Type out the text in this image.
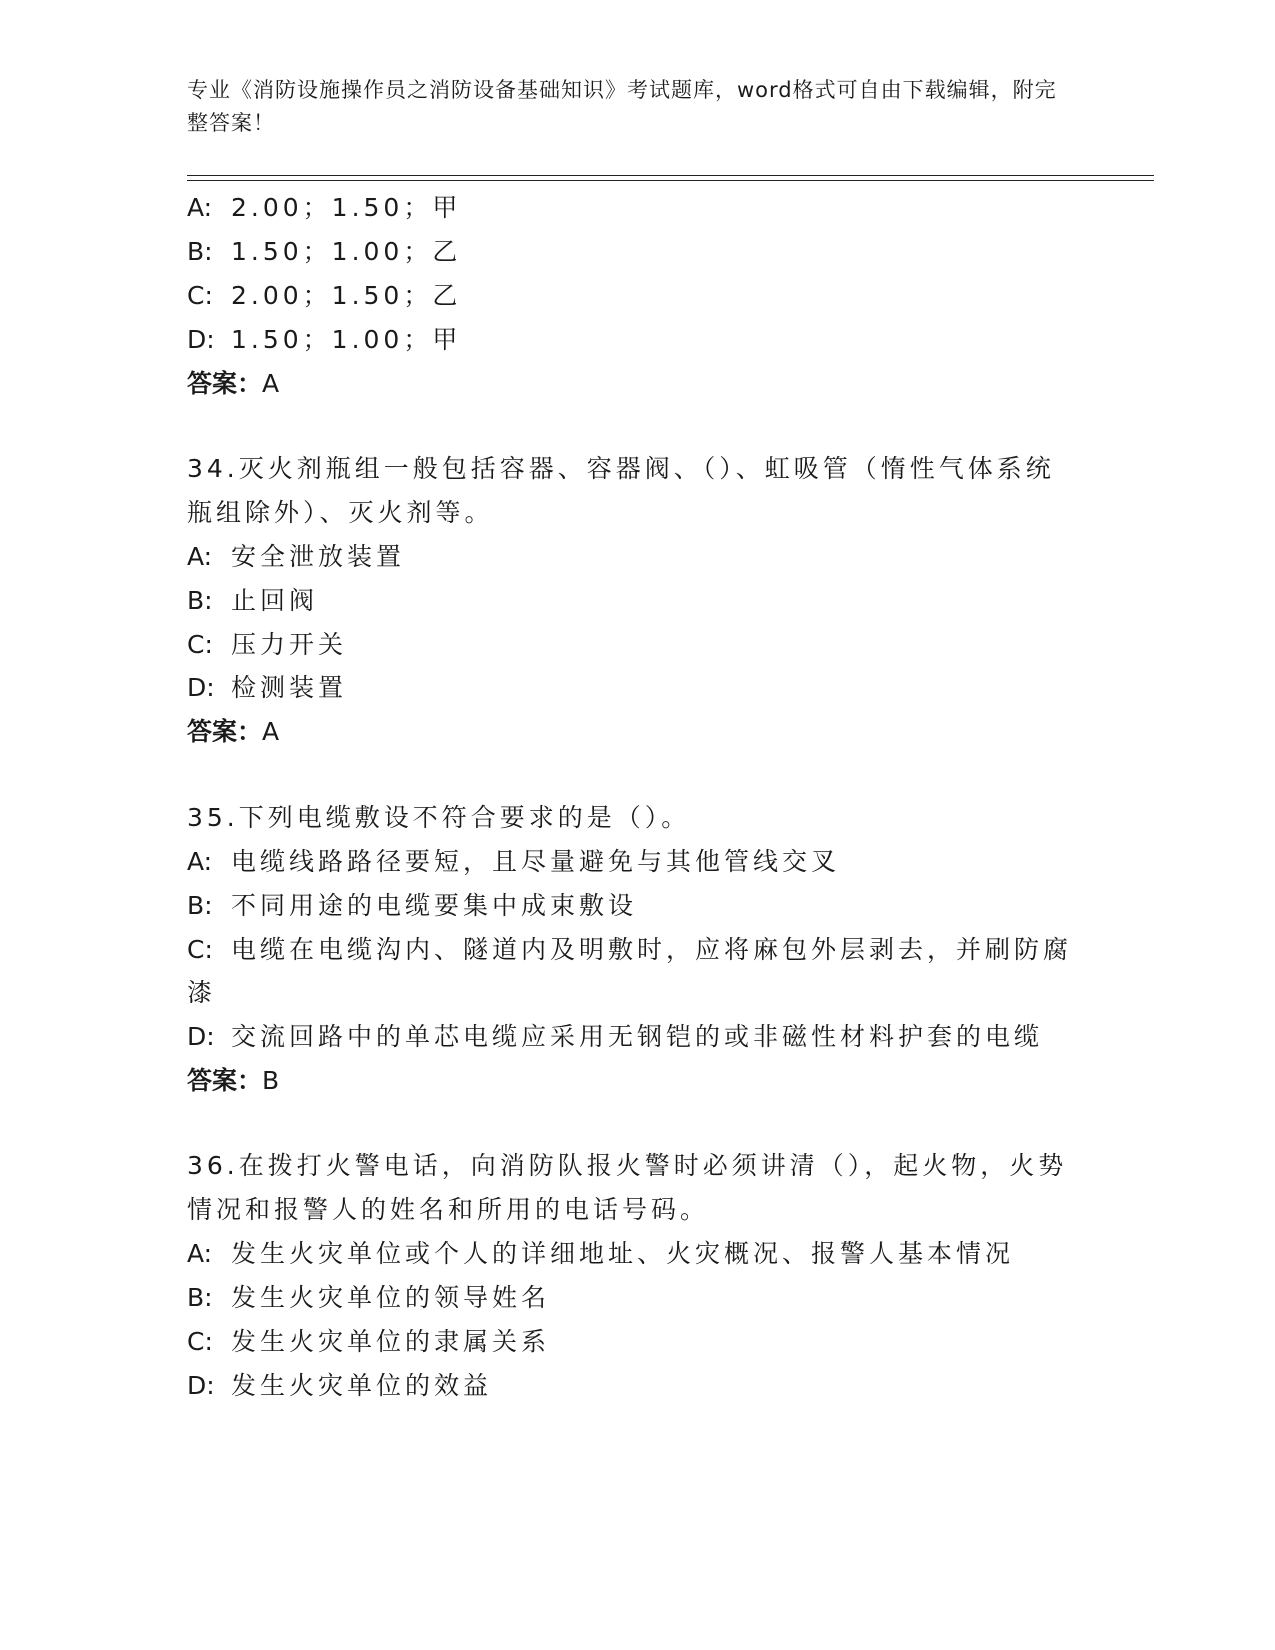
专业《消防设施操作员之消防设备基础知识》考试题库，word格式可自由下载编辑，附完整答案！
A: 2.00；1.50；甲
B: 1.50；1.00；乙
C: 2.00；1.50；乙
D: 1.50；1.00；甲
答案：A
34.灭火剂瓶组一般包括容器、容器阀、（）、虹吸管（惰性气体系统
瓶组除外）、灭火剂等。
A: 安全泄放装置
B: 止回阀
C: 压力开关
D: 检测装置
答案：A
35.下列电缆敷设不符合要求的是（）。
A: 电缆线路路径要短，且尽量避免与其他管线交叉
B: 不同用途的电缆要集中成束敷设
C: 电缆在电缆沟内、隧道内及明敷时，应将麻包外层剥去，并刷防腐
漆
D: 交流回路中的单芯电缆应采用无钢铠的或非磁性材料护套的电缆
答案：B
36.在拨打火警电话，向消防队报火警时必须讲清（），起火物，火势
情况和报警人的姓名和所用的电话号码。
A: 发生火灾单位或个人的详细地址、火灾概况、报警人基本情况
B: 发生火灾单位的领导姓名
C: 发生火灾单位的隶属关系
D: 发生火灾单位的效益
